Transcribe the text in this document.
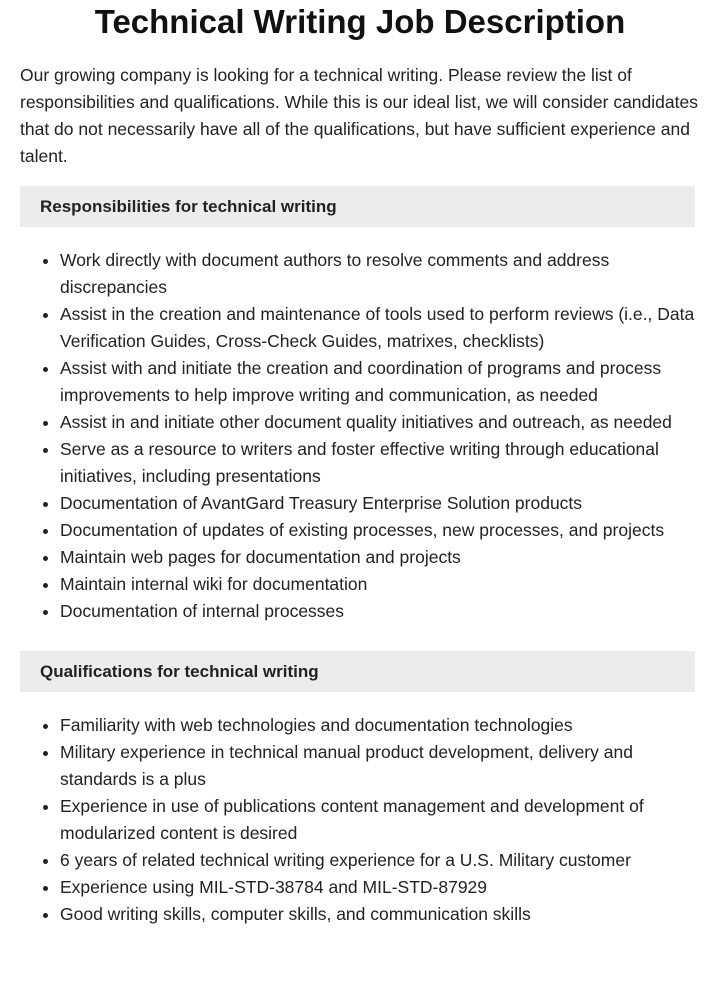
Technical Writing Job Description

Our growing company is looking for a technical writing. Please review the list of responsibilities and qualifications. While this is our ideal list, we will consider candidates that do not necessarily have all of the qualifications, but have sufficient experience and talent.

Responsibilities for technical writing
• Work directly with document authors to resolve comments and address discrepancies
• Assist in the creation and maintenance of tools used to perform reviews (i.e., Data Verification Guides, Cross-Check Guides, matrixes, checklists)
• Assist with and initiate the creation and coordination of programs and process improvements to help improve writing and communication, as needed
• Assist in and initiate other document quality initiatives and outreach, as needed
• Serve as a resource to writers and foster effective writing through educational initiatives, including presentations
• Documentation of AvantGard Treasury Enterprise Solution products
• Documentation of updates of existing processes, new processes, and projects
• Maintain web pages for documentation and projects
• Maintain internal wiki for documentation
• Documentation of internal processes
Qualifications for technical writing
• Familiarity with web technologies and documentation technologies
• Military experience in technical manual product development, delivery and standards is a plus
• Experience in use of publications content management and development of modularized content is desired
• 6 years of related technical writing experience for a U.S. Military customer
• Experience using MIL-STD-38784 and MIL-STD-87929
• Good writing skills, computer skills, and communication skills
